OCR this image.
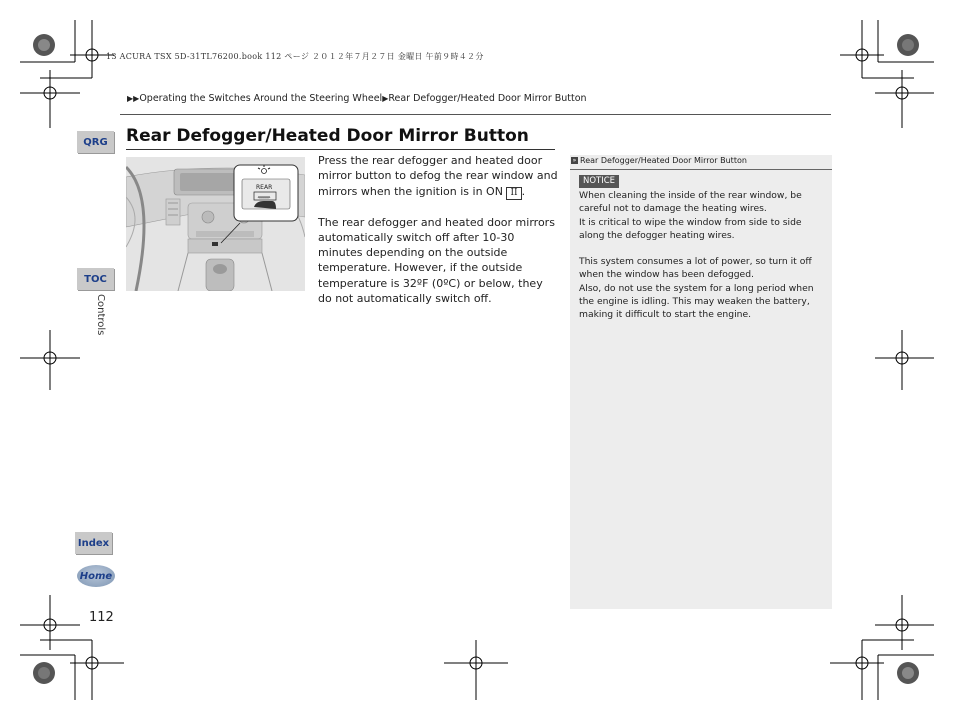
13 ACURA TSX 5D-31TL76200.book 112 ページ ２０１２年７月２７日 金曜日 午前９時４２分
▶▶Operating the Switches Around the Steering Wheel▶Rear Defogger/Heated Door Mirror Button
QRG
TOC
Controls
Index
Home
112
Rear Defogger/Heated Door Mirror Button
REAR

Press the rear defogger and heated door mirror button to defog the rear window and mirrors when the ignition is in ON II .

The rear defogger and heated door mirrors automatically switch off after 10-30 minutes depending on the outside temperature. However, if the outside temperature is 32ºF (0ºC) or below, they do not automatically switch off.

» Rear Defogger/Heated Door Mirror Button
NOTICE

When cleaning the inside of the rear window, be careful not to damage the heating wires.

It is critical to wipe the window from side to side along the defogger heating wires.

This system consumes a lot of power, so turn it off when the window has been defogged.

Also, do not use the system for a long period when the engine is idling. This may weaken the battery, making it difficult to start the engine.
